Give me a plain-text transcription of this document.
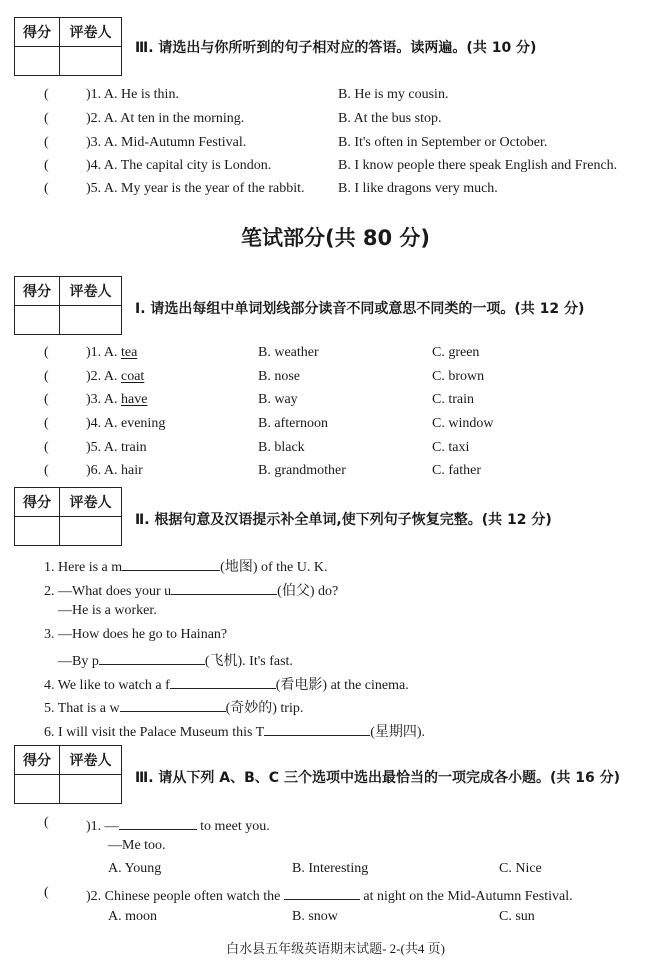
得分	评卷人

Ⅲ. 请选出与你所听到的句子相对应的答语。读两遍。(共 10 分)
(	)1. A. He is thin.	B. He is my cousin.
(	)2. A. At ten in the morning.	B. At the bus stop.
(	)3. A. Mid-Autumn Festival.	B. It's often in September or October.
(	)4. A. The capital city is London.	B. I know people there speak English and French.
(	)5. A. My year is the year of the rabbit. B. I like dragons very much.
笔试部分(共 80 分)
得分	评卷人

Ⅰ. 请选出每组中单词划线部分读音不同或意思不同类的一项。(共 12 分)
(	)1. A. tea	B. weather	C. green
(	)2. A. coat	B. nose	C. brown
(	)3. A. have	B. way	C. train
(	)4. A. evening	B. afternoon	C. window
(	)5. A. train	B. black	C. taxi
(	)6. A. hair	B. grandmother	C. father
得分	评卷人

Ⅱ. 根据句意及汉语提示补全单词,使下列句子恢复完整。(共 12 分)
1. Here is a m	(地图) of the U. K.
2. —What does your u	(伯父) do?
—He is a worker.
3. —How does he go to Hainan?
—By p	(飞机). It's fast.
4. We like to watch a f	(看电影) at the cinema.
5. That is a w	(奇妙的) trip.
6. I will visit the Palace Museum this T	(星期四).
得分	评卷人

Ⅲ. 请从下列 A、B、C 三个选项中选出最恰当的一项完成各小题。(共 16 分)
(	)1. —	to meet you.
—Me too.
A. Young	B. Interesting	C. Nice
(	)2. Chinese people often watch the	at night on the Mid-Autumn Festival.
A. moon	B. snow	C. sun
白水县五年级英语期末试题- 2-(共4 页)
